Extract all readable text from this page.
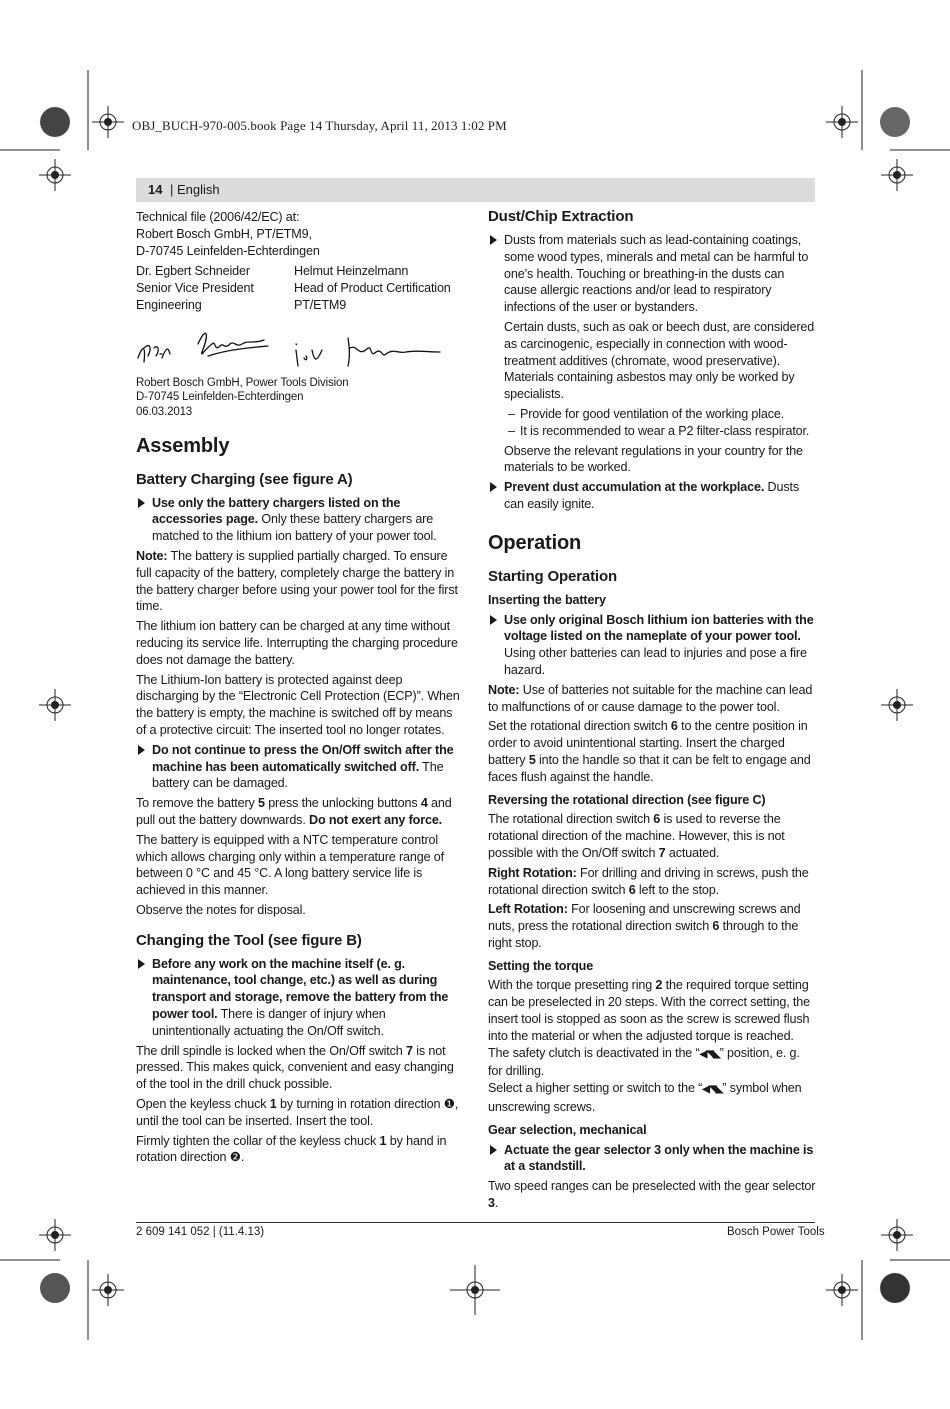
OBJ_BUCH-970-005.book Page 14 Thursday, April 11, 2013 1:02 PM
14 | English
Technical file (2006/42/EC) at:
Robert Bosch GmbH, PT/ETM9,
D-70745 Leinfelden-Echterdingen
Dr. Egbert Schneider
Senior Vice President
Engineering
Helmut Heinzelmann
Head of Product Certification
PT/ETM9
Robert Bosch GmbH, Power Tools Division
D-70745 Leinfelden-Echterdingen
06.03.2013
Assembly
Battery Charging (see figure A)
Use only the battery chargers listed on the accessories page. Only these battery chargers are matched to the lithium ion battery of your power tool.

Note: The battery is supplied partially charged. To ensure full capacity of the battery, completely charge the battery in the battery charger before using your power tool for the first time.

The lithium ion battery can be charged at any time without reducing its service life. Interrupting the charging procedure does not damage the battery.

The Lithium-Ion battery is protected against deep discharging by the “Electronic Cell Protection (ECP)”. When the battery is empty, the machine is switched off by means of a protective circuit: The inserted tool no longer rotates.

Do not continue to press the On/Off switch after the machine has been automatically switched off. The battery can be damaged.

To remove the battery 5 press the unlocking buttons 4 and pull out the battery downwards. Do not exert any force.

The battery is equipped with a NTC temperature control which allows charging only within a temperature range of between 0 °C and 45 °C. A long battery service life is achieved in this manner.

Observe the notes for disposal.

Changing the Tool (see figure B)
Before any work on the machine itself (e. g. maintenance, tool change, etc.) as well as during transport and storage, remove the battery from the power tool. There is danger of injury when unintentionally actuating the On/Off switch.

The drill spindle is locked when the On/Off switch 7 is not pressed. This makes quick, convenient and easy changing of the tool in the drill chuck possible.

Open the keyless chuck 1 by turning in rotation direction ❶, until the tool can be inserted. Insert the tool.

Firmly tighten the collar of the keyless chuck 1 by hand in rotation direction ❷.

Dust/Chip Extraction
Dusts from materials such as lead-containing coatings, some wood types, minerals and metal can be harmful to one’s health. Touching or breathing-in the dusts can cause allergic reactions and/or lead to respiratory infections of the user or bystanders.

Certain dusts, such as oak or beech dust, are considered as carcinogenic, especially in connection with wood-treatment additives (chromate, wood preservative). Materials containing asbestos may only be worked by specialists.

– Provide for good ventilation of the working place.
– It is recommended to wear a P2 filter-class respirator.

Observe the relevant regulations in your country for the materials to be worked.

Prevent dust accumulation at the workplace. Dusts can easily ignite.
Operation
Starting Operation
Inserting the battery
Use only original Bosch lithium ion batteries with the voltage listed on the nameplate of your power tool. Using other batteries can lead to injuries and pose a fire hazard.

Note: Use of batteries not suitable for the machine can lead to malfunctions of or cause damage to the power tool.

Set the rotational direction switch 6 to the centre position in order to avoid unintentional starting. Insert the charged battery 5 into the handle so that it can be felt to engage and faces flush against the handle.

Reversing the rotational direction (see figure C)

The rotational direction switch 6 is used to reverse the rotational direction of the machine. However, this is not possible with the On/Off switch 7 actuated.

Right Rotation: For drilling and driving in screws, push the rotational direction switch 6 left to the stop.

Left Rotation: For loosening and unscrewing screws and nuts, press the rotational direction switch 6 through to the right stop.

Setting the torque

With the torque presetting ring 2 the required torque setting can be preselected in 20 steps. With the correct setting, the insert tool is stopped as soon as the screw is screwed flush into the material or when the adjusted torque is reached. The safety clutch is deactivated in the “◀◥◣” position, e. g. for drilling.

Select a higher setting or switch to the “◀◥◣” symbol when unscrewing screws.

Gear selection, mechanical
Actuate the gear selector 3 only when the machine is at a standstill.

Two speed ranges can be preselected with the gear selector 3.

2 609 141 052 | (11.4.13)	Bosch Power Tools
